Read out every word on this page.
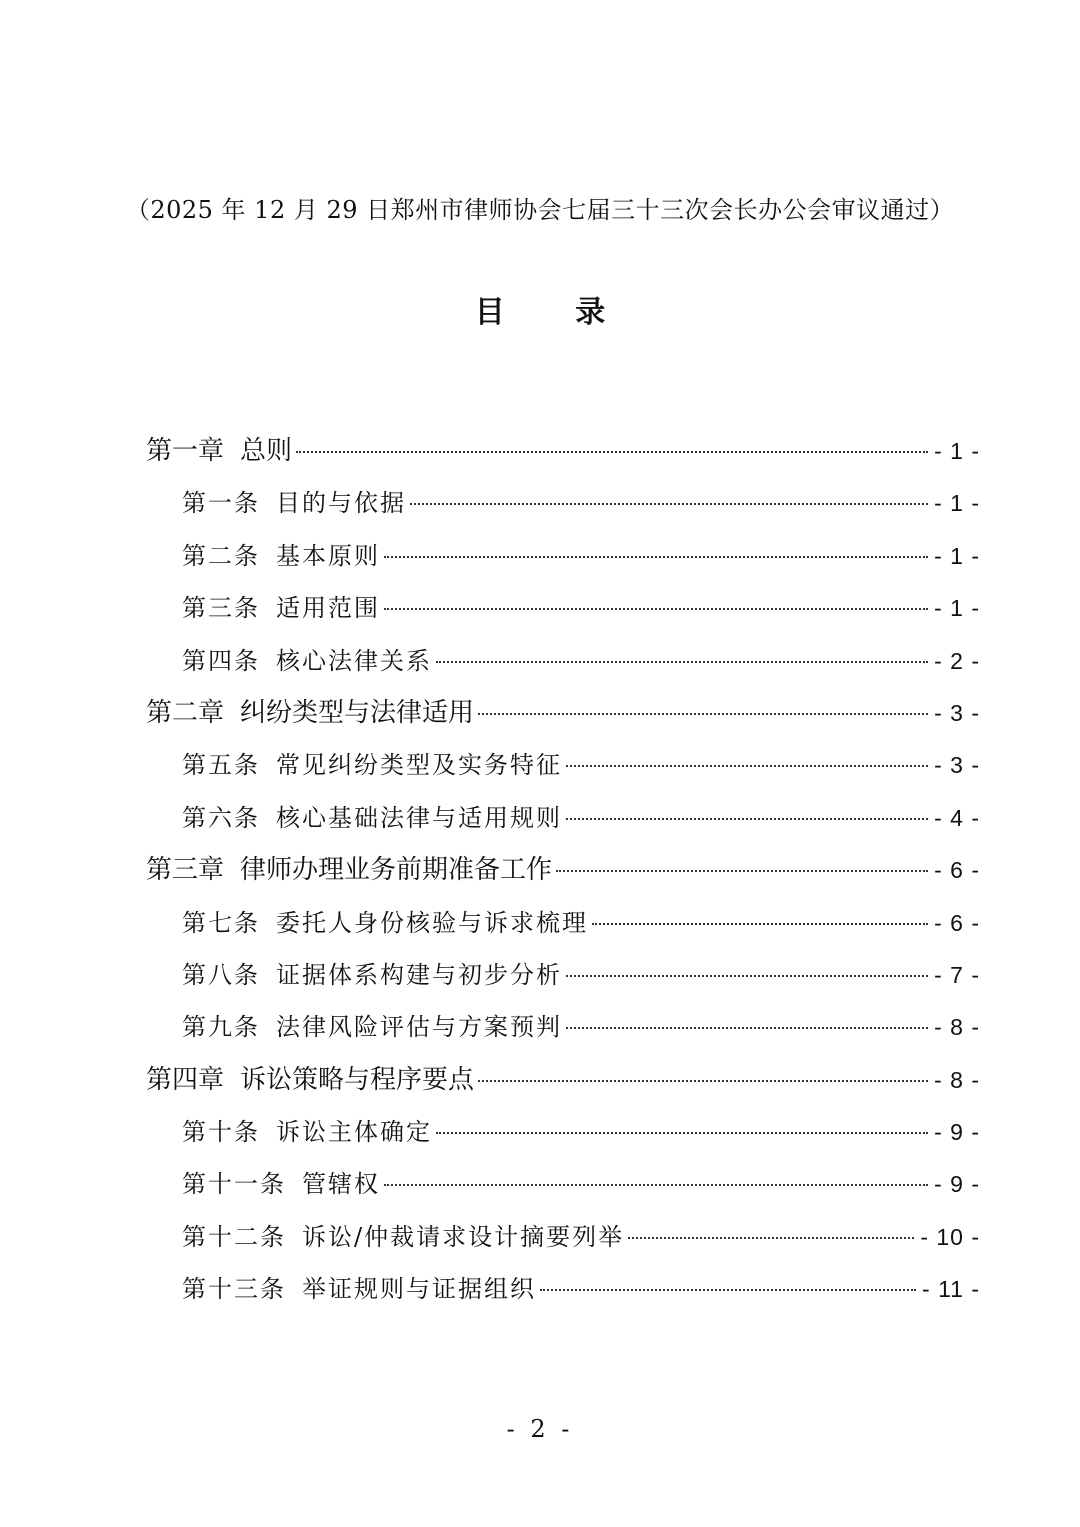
（2025 年 12 月 29 日郑州市律师协会七届三十三次会长办公会审议通过）
目 录
第一章 总则	- 1 -
第一条 目的与依据	- 1 -
第二条 基本原则	- 1 -
第三条 适用范围	- 1 -
第四条 核心法律关系	- 2 -
第二章 纠纷类型与法律适用	- 3 -
第五条 常见纠纷类型及实务特征	- 3 -
第六条 核心基础法律与适用规则	- 4 -
第三章 律师办理业务前期准备工作	- 6 -
第七条 委托人身份核验与诉求梳理	- 6 -
第八条 证据体系构建与初步分析	- 7 -
第九条 法律风险评估与方案预判	- 8 -
第四章 诉讼策略与程序要点	- 8 -
第十条 诉讼主体确定	- 9 -
第十一条 管辖权	- 9 -
第十二条 诉讼/仲裁请求设计摘要列举	- 10 -
第十三条 举证规则与证据组织	- 11 -
- 2 -
